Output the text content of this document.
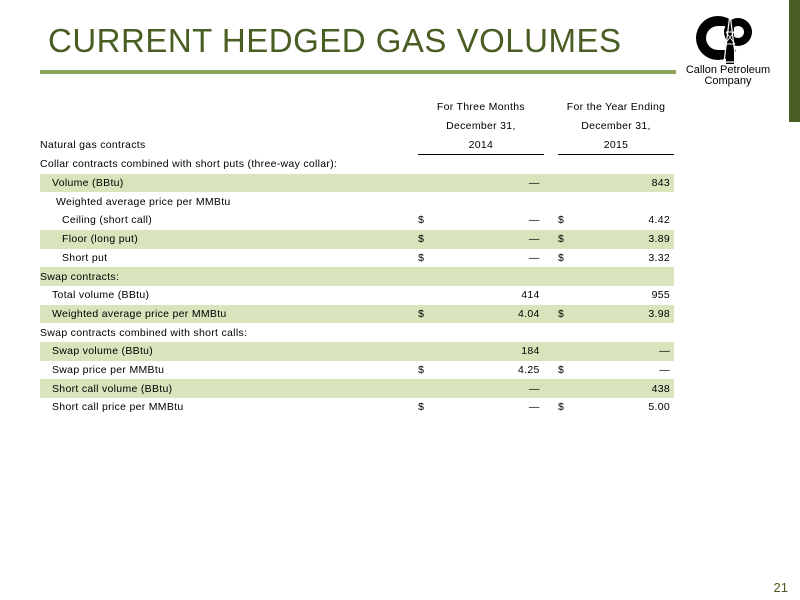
CURRENT HEDGED GAS VOLUMES
Callon Petroleum
Company
	For Three Months			For the Year Ending	
	December 31,			December 31,	
Natural gas contracts	2014			2015	
Collar contracts combined with short puts (three-way collar):					
Volume (BBtu)		—			843
Weighted average price per MMBtu					
Ceiling (short call)	$	—		$	4.42
Floor (long put)	$	—		$	3.89
Short put	$	—		$	3.32
Swap contracts:					
Total volume (BBtu)		414			955
Weighted average price per MMBtu	$	4.04		$	3.98
Swap contracts combined with short calls:					
Swap volume (BBtu)		184			—
Swap price per MMBtu	$	4.25		$	—
Short call volume (BBtu)		—			438
Short call price per MMBtu	$	—		$	5.00
21
